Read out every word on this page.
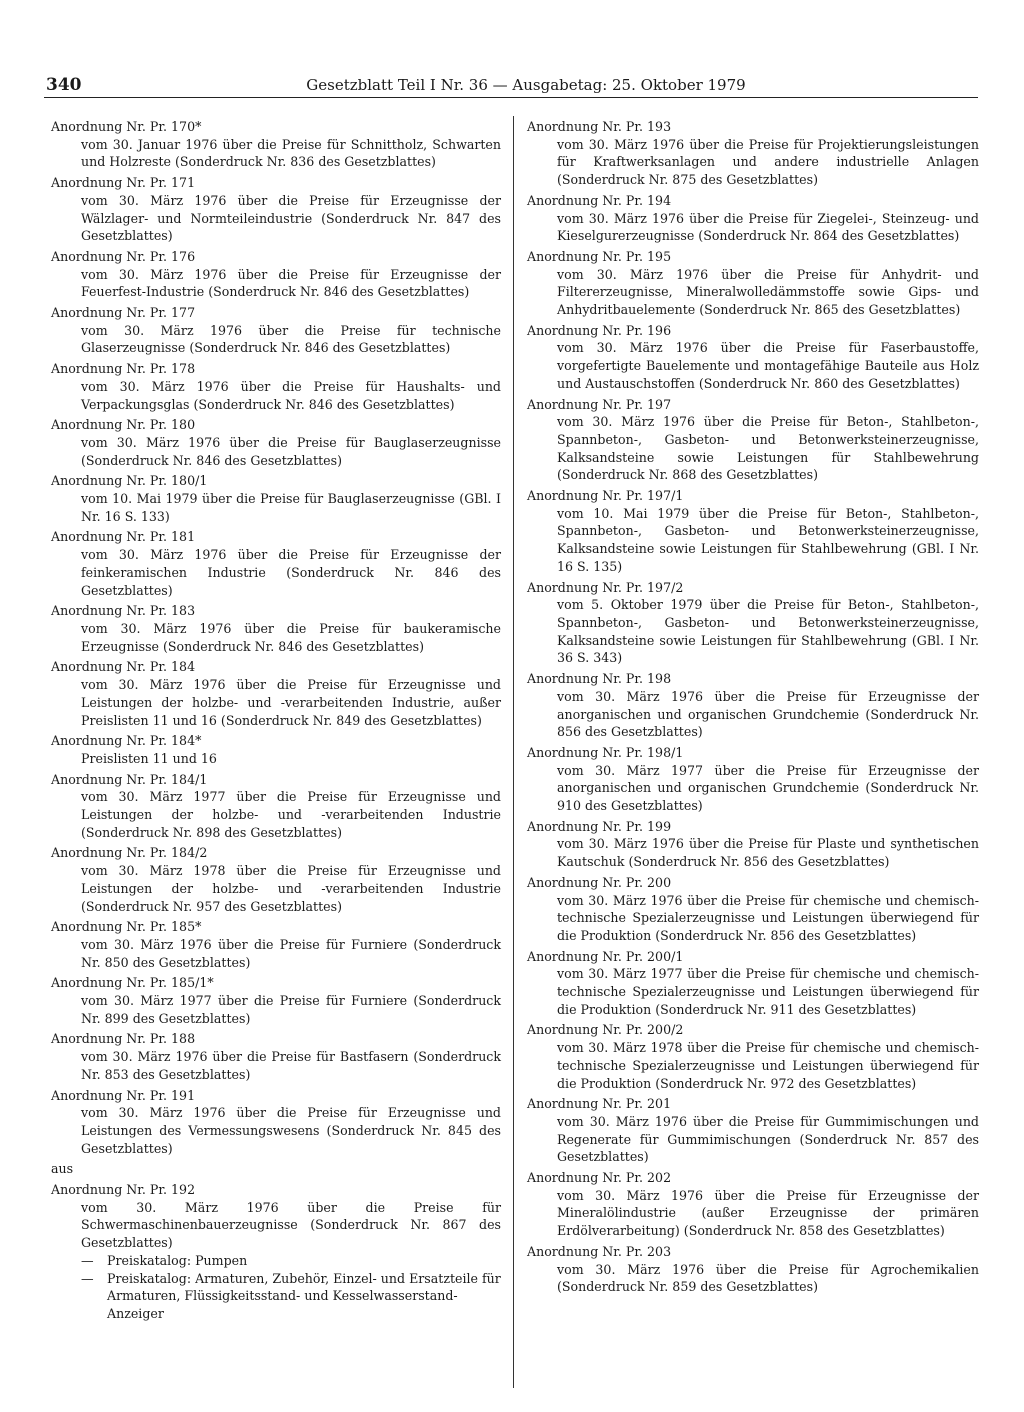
340	Gesetzblatt Teil I Nr. 36 — Ausgabetag: 25. Oktober 1979
Anordnung Nr. Pr. 170*
vom 30. Januar 1976 über die Preise für Schnittholz, Schwarten und Holzreste (Sonderdruck Nr. 836 des Gesetzblattes)
Anordnung Nr. Pr. 171
vom 30. März 1976 über die Preise für Erzeugnisse der Wälzlager- und Normteileindustrie (Sonderdruck Nr. 847 des Gesetzblattes)
Anordnung Nr. Pr. 176
vom 30. März 1976 über die Preise für Erzeugnisse der Feuerfest-Industrie (Sonderdruck Nr. 846 des Gesetzblattes)
Anordnung Nr. Pr. 177
vom 30. März 1976 über die Preise für technische Glaserzeugnisse (Sonderdruck Nr. 846 des Gesetzblattes)
Anordnung Nr. Pr. 178
vom 30. März 1976 über die Preise für Haushalts- und Verpackungsglas (Sonderdruck Nr. 846 des Gesetzblattes)
Anordnung Nr. Pr. 180
vom 30. März 1976 über die Preise für Bauglaserzeugnisse (Sonderdruck Nr. 846 des Gesetzblattes)
Anordnung Nr. Pr. 180/1
vom 10. Mai 1979 über die Preise für Bauglaserzeugnisse (GBl. I Nr. 16 S. 133)
Anordnung Nr. Pr. 181
vom 30. März 1976 über die Preise für Erzeugnisse der feinkeramischen Industrie (Sonderdruck Nr. 846 des Gesetzblattes)
Anordnung Nr. Pr. 183
vom 30. März 1976 über die Preise für baukeramische Erzeugnisse (Sonderdruck Nr. 846 des Gesetzblattes)
Anordnung Nr. Pr. 184
vom 30. März 1976 über die Preise für Erzeugnisse und Leistungen der holzbe- und -verarbeitenden Industrie, außer Preislisten 11 und 16 (Sonderdruck Nr. 849 des Gesetzblattes)
Anordnung Nr. Pr. 184*
Preislisten 11 und 16
Anordnung Nr. Pr. 184/1
vom 30. März 1977 über die Preise für Erzeugnisse und Leistungen der holzbe- und -verarbeitenden Industrie (Sonderdruck Nr. 898 des Gesetzblattes)
Anordnung Nr. Pr. 184/2
vom 30. März 1978 über die Preise für Erzeugnisse und Leistungen der holzbe- und -verarbeitenden Industrie (Sonderdruck Nr. 957 des Gesetzblattes)
Anordnung Nr. Pr. 185*
vom 30. März 1976 über die Preise für Furniere (Sonderdruck Nr. 850 des Gesetzblattes)
Anordnung Nr. Pr. 185/1*
vom 30. März 1977 über die Preise für Furniere (Sonderdruck Nr. 899 des Gesetzblattes)
Anordnung Nr. Pr. 188
vom 30. März 1976 über die Preise für Bastfasern (Sonderdruck Nr. 853 des Gesetzblattes)
Anordnung Nr. Pr. 191
vom 30. März 1976 über die Preise für Erzeugnisse und Leistungen des Vermessungswesens (Sonderdruck Nr. 845 des Gesetzblattes)
aus
Anordnung Nr. Pr. 192
vom 30. März 1976 über die Preise für Schwermaschinenbauerzeugnisse (Sonderdruck Nr. 867 des Gesetzblattes)
—	Preiskatalog: Pumpen
—	Preiskatalog: Armaturen, Zubehör, Einzel- und Ersatzteile für Armaturen, Flüssigkeitsstand- und Kesselwasserstand-Anzeiger
Anordnung Nr. Pr. 193
vom 30. März 1976 über die Preise für Projektierungsleistungen für Kraftwerksanlagen und andere industrielle Anlagen (Sonderdruck Nr. 875 des Gesetzblattes)
Anordnung Nr. Pr. 194
vom 30. März 1976 über die Preise für Ziegelei-, Steinzeug- und Kieselgurerzeugnisse (Sonderdruck Nr. 864 des Gesetzblattes)
Anordnung Nr. Pr. 195
vom 30. März 1976 über die Preise für Anhydrit- und Filtererzeugnisse, Mineralwolledämmstoffe sowie Gips- und Anhydritbauelemente (Sonderdruck Nr. 865 des Gesetzblattes)
Anordnung Nr. Pr. 196
vom 30. März 1976 über die Preise für Faserbaustoffe, vorgefertigte Bauelemente und montagefähige Bauteile aus Holz und Austauschstoffen (Sonderdruck Nr. 860 des Gesetzblattes)
Anordnung Nr. Pr. 197
vom 30. März 1976 über die Preise für Beton-, Stahlbeton-, Spannbeton-, Gasbeton- und Betonwerksteinerzeugnisse, Kalksandsteine sowie Leistungen für Stahlbewehrung (Sonderdruck Nr. 868 des Gesetzblattes)
Anordnung Nr. Pr. 197/1
vom 10. Mai 1979 über die Preise für Beton-, Stahlbeton-, Spannbeton-, Gasbeton- und Betonwerksteinerzeugnisse, Kalksandsteine sowie Leistungen für Stahlbewehrung (GBl. I Nr. 16 S. 135)
Anordnung Nr. Pr. 197/2
vom 5. Oktober 1979 über die Preise für Beton-, Stahlbeton-, Spannbeton-, Gasbeton- und Betonwerksteinerzeugnisse, Kalksandsteine sowie Leistungen für Stahlbewehrung (GBl. I Nr. 36 S. 343)
Anordnung Nr. Pr. 198
vom 30. März 1976 über die Preise für Erzeugnisse der anorganischen und organischen Grundchemie (Sonderdruck Nr. 856 des Gesetzblattes)
Anordnung Nr. Pr. 198/1
vom 30. März 1977 über die Preise für Erzeugnisse der anorganischen und organischen Grundchemie (Sonderdruck Nr. 910 des Gesetzblattes)
Anordnung Nr. Pr. 199
vom 30. März 1976 über die Preise für Plaste und synthetischen Kautschuk (Sonderdruck Nr. 856 des Gesetzblattes)
Anordnung Nr. Pr. 200
vom 30. März 1976 über die Preise für chemische und chemisch-technische Spezialerzeugnisse und Leistungen überwiegend für die Produktion (Sonderdruck Nr. 856 des Gesetzblattes)
Anordnung Nr. Pr. 200/1
vom 30. März 1977 über die Preise für chemische und chemisch-technische Spezialerzeugnisse und Leistungen überwiegend für die Produktion (Sonderdruck Nr. 911 des Gesetzblattes)
Anordnung Nr. Pr. 200/2
vom 30. März 1978 über die Preise für chemische und chemisch-technische Spezialerzeugnisse und Leistungen überwiegend für die Produktion (Sonderdruck Nr. 972 des Gesetzblattes)
Anordnung Nr. Pr. 201
vom 30. März 1976 über die Preise für Gummimischungen und Regenerate für Gummimischungen (Sonderdruck Nr. 857 des Gesetzblattes)
Anordnung Nr. Pr. 202
vom 30. März 1976 über die Preise für Erzeugnisse der Mineralölindustrie (außer Erzeugnisse der primären Erdölverarbeitung) (Sonderdruck Nr. 858 des Gesetzblattes)
Anordnung Nr. Pr. 203
vom 30. März 1976 über die Preise für Agrochemikalien (Sonderdruck Nr. 859 des Gesetzblattes)
